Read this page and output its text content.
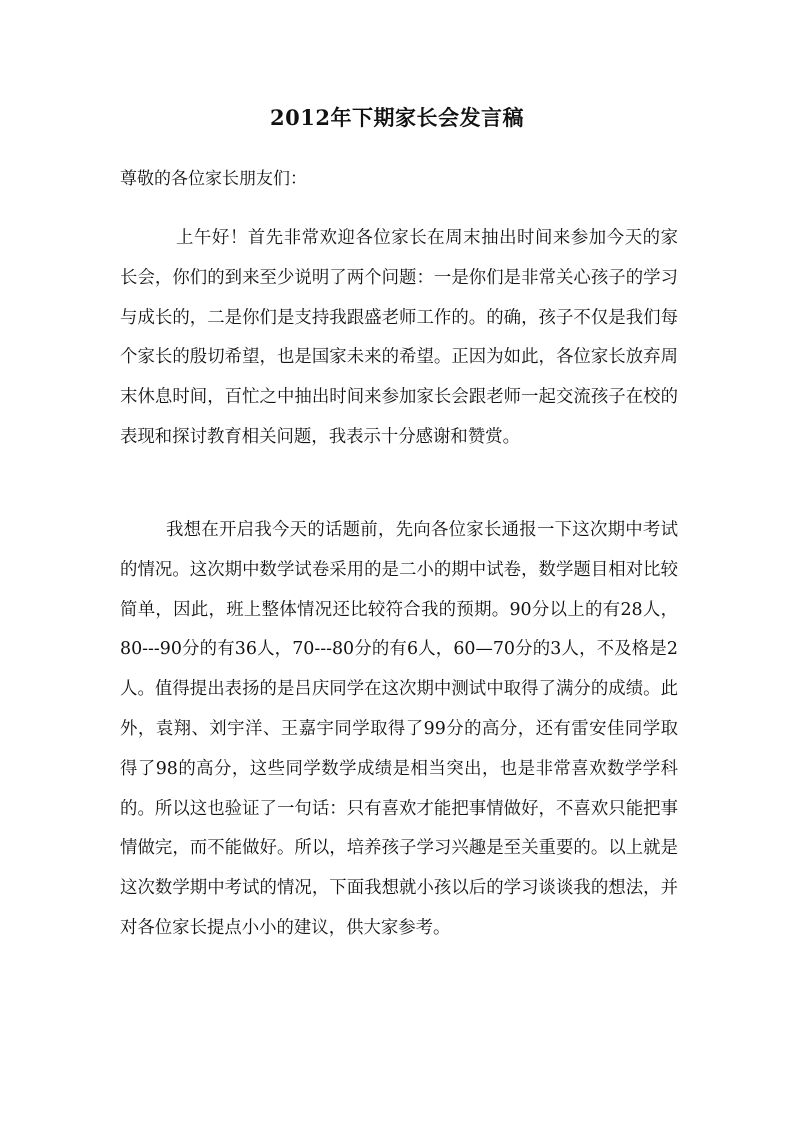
2012年下期家长会发言稿

尊敬的各位家长朋友们：

上午好！首先非常欢迎各位家长在周末抽出时间来参加今天的家长会，你们的到来至少说明了两个问题：一是你们是非常关心孩子的学习与成长的，二是你们是支持我跟盛老师工作的。的确，孩子不仅是我们每个家长的殷切希望，也是国家未来的希望。正因为如此，各位家长放弃周末休息时间，百忙之中抽出时间来参加家长会跟老师一起交流孩子在校的表现和探讨教育相关问题，我表示十分感谢和赞赏。

我想在开启我今天的话题前，先向各位家长通报一下这次期中考试的情况。这次期中数学试卷采用的是二小的期中试卷，数学题目相对比较简单，因此，班上整体情况还比较符合我的预期。90分以上的有28人，80---90分的有36人，70---80分的有6人，60—70分的3人，不及格是2人。值得提出表扬的是吕庆同学在这次期中测试中取得了满分的成绩。此外，袁翔、刘宇洋、王嘉宇同学取得了99分的高分，还有雷安佳同学取得了98的高分，这些同学数学成绩是相当突出，也是非常喜欢数学学科的。所以这也验证了一句话：只有喜欢才能把事情做好，不喜欢只能把事情做完，而不能做好。所以，培养孩子学习兴趣是至关重要的。以上就是这次数学期中考试的情况，下面我想就小孩以后的学习谈谈我的想法，并对各位家长提点小小的建议，供大家参考。
